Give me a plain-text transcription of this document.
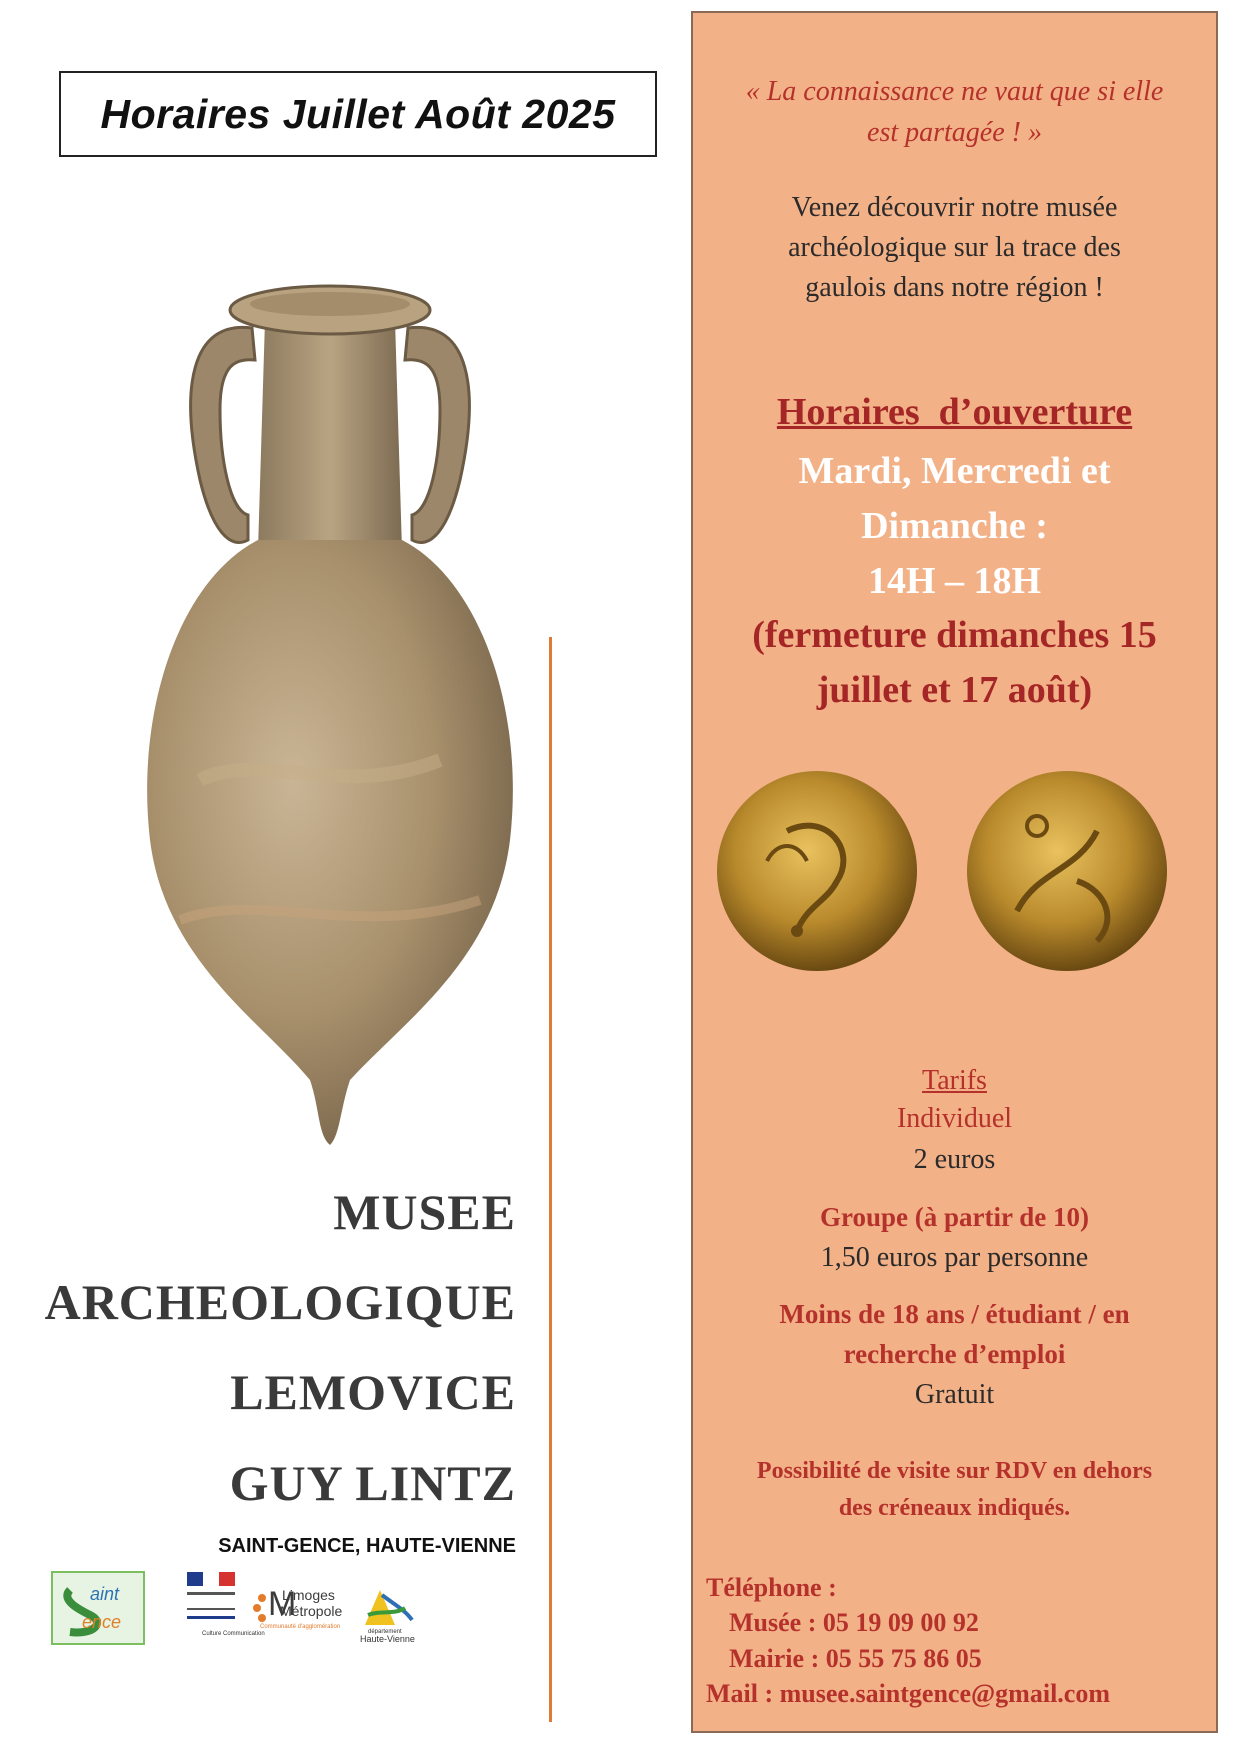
Horaires Juillet Août 2025
MUSEE
ARCHEOLOGIQUE
LEMOVICE
GUY LINTZ
SAINT-GENCE, HAUTE-VIENNE
aint
ence
Culture Communication
M
Limoges
Métropole
Communauté d'agglomération
département
Haute-Vienne
« La connaissance ne vaut que si elle
est partagée ! »
Venez découvrir notre musée
archéologique sur la trace des
gaulois dans notre région !
Horaires  d’ouverture
Mardi, Mercredi et
Dimanche :
14H – 18H
(fermeture dimanches 15
juillet et 17 août)
Tarifs
Individuel
2 euros
Groupe (à partir de 10)
1,50 euros par personne
Moins de 18 ans / étudiant / en
recherche d’emploi
Gratuit
Possibilité de visite sur RDV en dehors
des créneaux indiqués.
Téléphone :
Musée : 05 19 09 00 92
Mairie : 05 55 75 86 05
Mail : musee.saintgence@gmail.com
